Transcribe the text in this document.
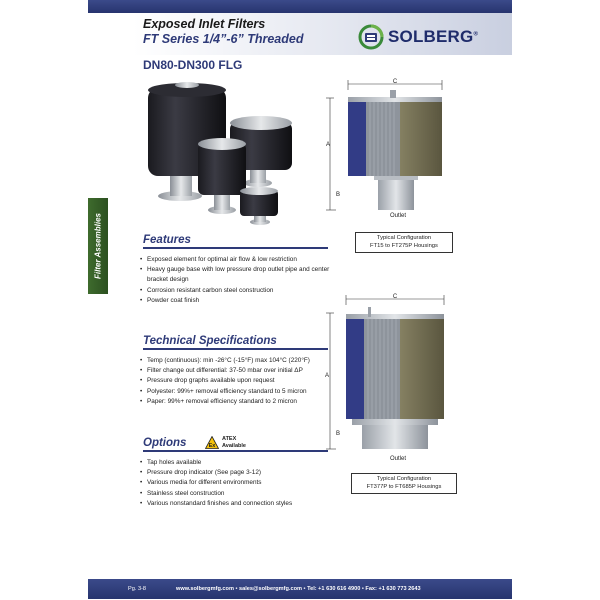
Exposed Inlet Filters
FT Series 1/4”-6” Threaded
DN80-DN300 FLG
SOLBERG®
Filter Assemblies	Features
• Exposed element for optimal air flow & low restriction
• Heavy gauge base with low pressure drop outlet pipe and center bracket design
• Corrosion resistant carbon steel construction
• Powder coat finish
Technical Specifications
• Temp (continuous): min -26°C (-15°F) max 104°C (220°F)
• Filter change out differential: 37-50 mbar over initial ΔP
• Pressure drop graphs available upon request
• Polyester: 99%+ removal efficiency standard to 5 micron
• Paper: 99%+ removal efficiency standard to 2 micron
Options	Ex
ATEX
Available
• Tap holes available
• Pressure drop indicator (See page 3-12)
• Various media for different environments
• Stainless steel construction
• Various nonstandard finishes and connection styles
C
A
B
Outlet
Typical Configuration
FT15 to FT275P Housings
C
A
B
Outlet
Typical Configuration
FT377P to FT685P Housings
Pg. 3-8	www.solbergmfg.com • sales@solbergmfg.com • Tel: +1 630 616 4900 • Fax: +1 630 773 2643
